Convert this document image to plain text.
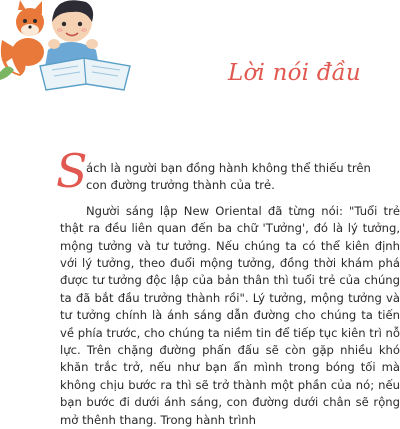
Lời nói đầu
S

ách là người bạn đồng hành không thể thiếu trên
con đường trưởng thành của trẻ.

Người sáng lập New Oriental đã từng nói: "Tuổi trẻ thật ra đều liên quan đến ba chữ 'Tưởng', đó là lý tưởng, mộng tưởng và tư tưởng. Nếu chúng ta có thể kiên định với lý tưởng, theo đuổi mộng tưởng, đồng thời khám phá được tư tưởng độc lập của bản thân thì tuổi trẻ của chúng ta đã bắt đầu trưởng thành rồi". Lý tưởng, mộng tưởng và tư tưởng chính là ánh sáng dẫn đường cho chúng ta tiến về phía trước, cho chúng ta niềm tin để tiếp tục kiên trì nỗ lực. Trên chặng đường phấn đấu sẽ còn gặp nhiều khó khăn trắc trở, nếu như bạn ẩn mình trong bóng tối mà không chịu bước ra thì sẽ trở thành một phần của nó; nếu bạn bước đi dưới ánh sáng, con đường dưới chân sẽ rộng mở thênh thang. Trong hành trình
